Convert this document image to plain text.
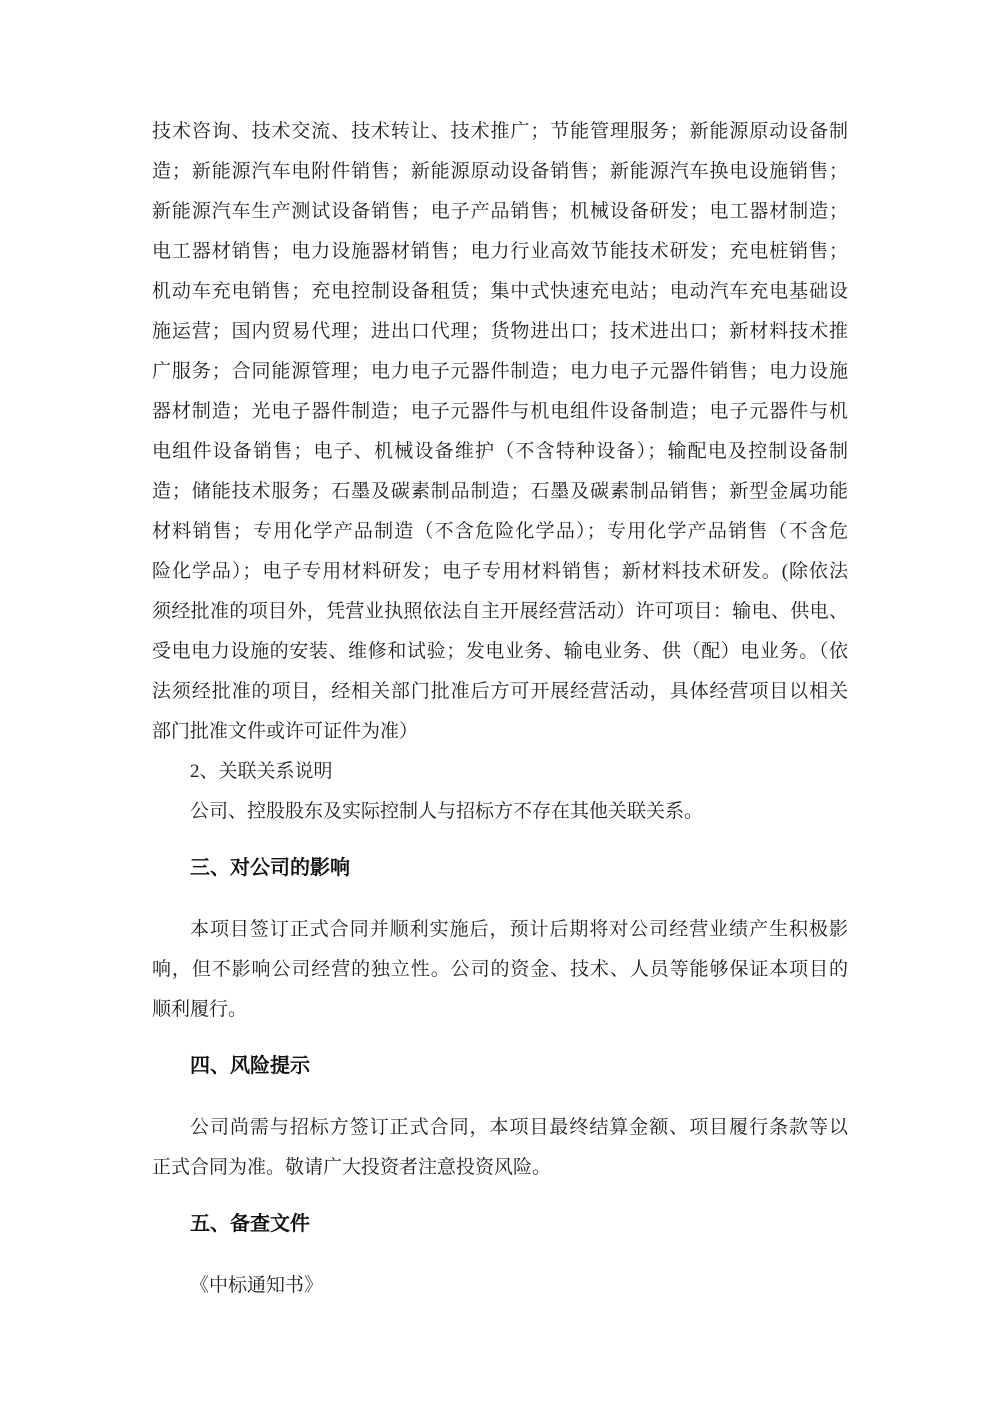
技术咨询、技术交流、技术转让、技术推广；节能管理服务；新能源原动设备制
造；新能源汽车电附件销售；新能源原动设备销售；新能源汽车换电设施销售；
新能源汽车生产测试设备销售；电子产品销售；机械设备研发；电工器材制造；
电工器材销售；电力设施器材销售；电力行业高效节能技术研发；充电桩销售；
机动车充电销售；充电控制设备租赁；集中式快速充电站；电动汽车充电基础设
施运营；国内贸易代理；进出口代理；货物进出口；技术进出口；新材料技术推
广服务；合同能源管理；电力电子元器件制造；电力电子元器件销售；电力设施
器材制造；光电子器件制造；电子元器件与机电组件设备制造；电子元器件与机
电组件设备销售；电子、机械设备维护（不含特种设备）；输配电及控制设备制
造；储能技术服务；石墨及碳素制品制造；石墨及碳素制品销售；新型金属功能
材料销售；专用化学产品制造（不含危险化学品）；专用化学产品销售（不含危
险化学品）；电子专用材料研发；电子专用材料销售；新材料技术研发。(除依法
须经批准的项目外，凭营业执照依法自主开展经营活动）许可项目：输电、供电、
受电电力设施的安装、维修和试验；发电业务、输电业务、供（配）电业务。（依
法须经批准的项目，经相关部门批准后方可开展经营活动，具体经营项目以相关
部门批准文件或许可证件为准）

2、关联关系说明

公司、控股股东及实际控制人与招标方不存在其他关联关系。

三、对公司的影响
本项目签订正式合同并顺利实施后，预计后期将对公司经营业绩产生积极影
响，但不影响公司经营的独立性。公司的资金、技术、人员等能够保证本项目的
顺利履行。
四、风险提示
公司尚需与招标方签订正式合同，本项目最终结算金额、项目履行条款等以
正式合同为准。敬请广大投资者注意投资风险。
五、备查文件

《中标通知书》
